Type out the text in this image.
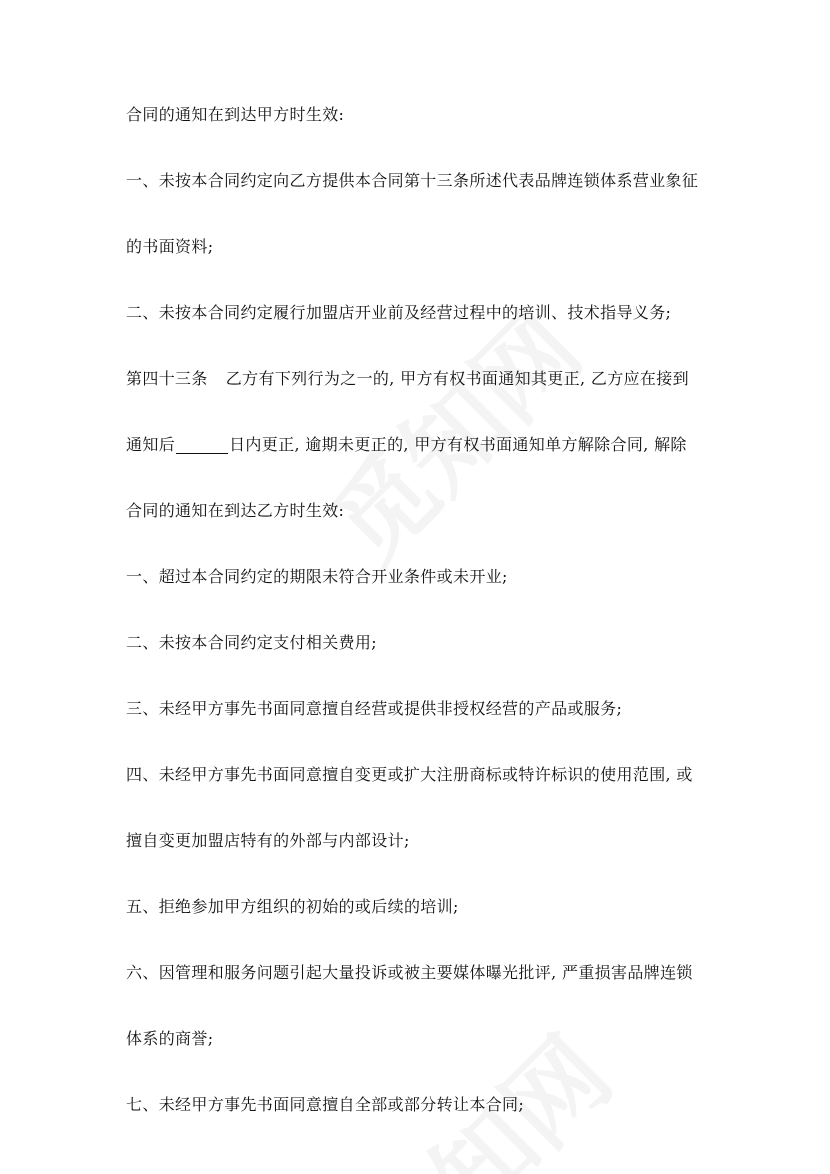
合同的通知在到达甲方时生效:
一、未按本合同约定向乙方提供本合同第十三条所述代表品牌连锁体系营业象征
的书面资料;
二、未按本合同约定履行加盟店开业前及经营过程中的培训、技术指导义务;
第四十三条 乙方有下列行为之一的, 甲方有权书面通知其更正, 乙方应在接到
通知后	日内更正, 逾期未更正的, 甲方有权书面通知单方解除合同, 解除
合同的通知在到达乙方时生效:
一、超过本合同约定的期限未符合开业条件或未开业;
二、未按本合同约定支付相关费用;
三、未经甲方事先书面同意擅自经营或提供非授权经营的产品或服务;
四、未经甲方事先书面同意擅自变更或扩大注册商标或特许标识的使用范围, 或
擅自变更加盟店特有的外部与内部设计;
五、拒绝参加甲方组织的初始的或后续的培训;
六、因管理和服务问题引起大量投诉或被主要媒体曝光批评, 严重损害品牌连锁
体系的商誉;
七、未经甲方事先书面同意擅自全部或部分转让本合同;
